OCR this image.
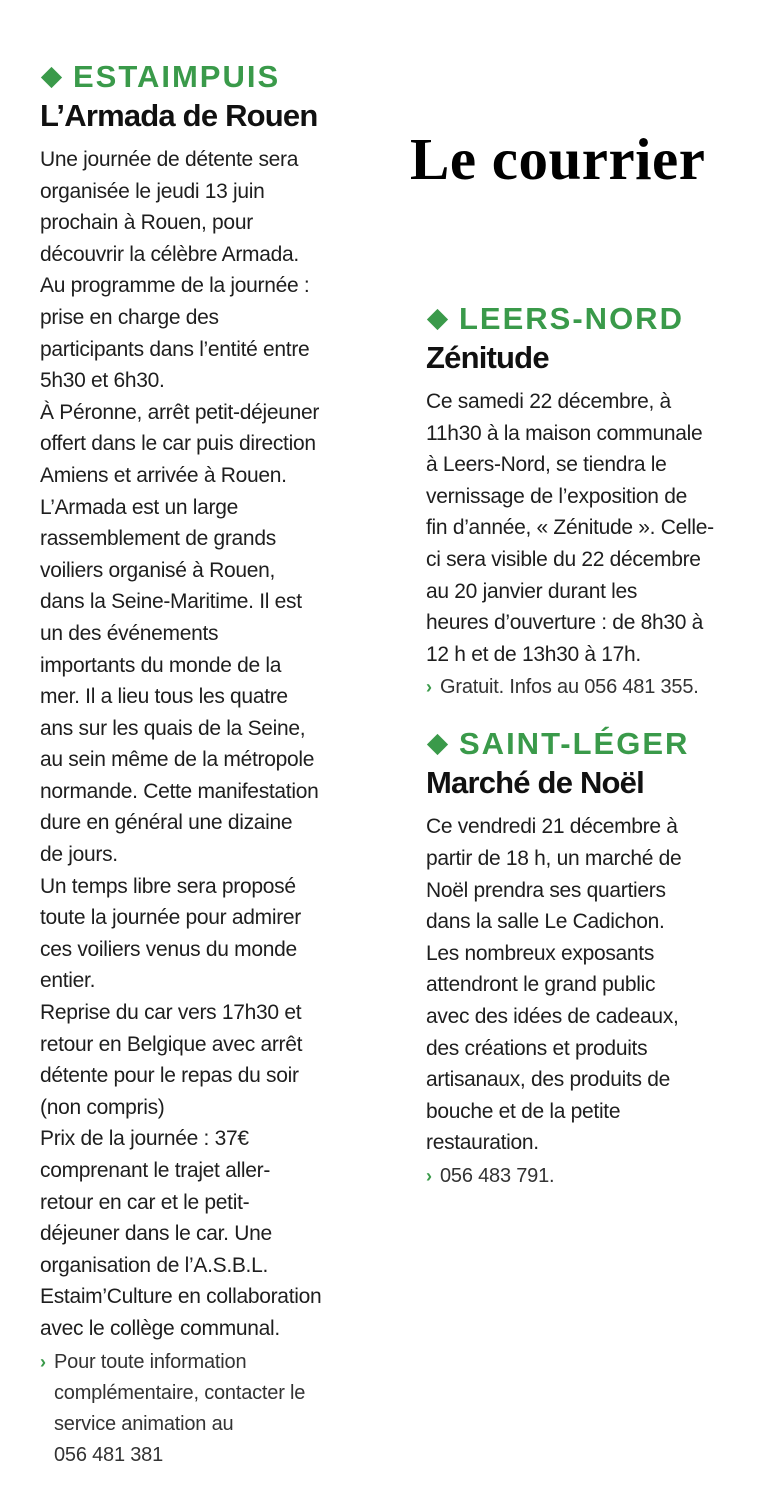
Le courrier
ESTAIMPUIS
L’Armada de Rouen

Une journée de détente sera
organisée le jeudi 13 juin
prochain à Rouen, pour
découvrir la célèbre Armada.
Au programme de la journée :
prise en charge des
participants dans l’entité entre
5h30 et 6h30.
À Péronne, arrêt petit-déjeuner
offert dans le car puis direction
Amiens et arrivée à Rouen.
L’Armada est un large
rassemblement de grands
voiliers organisé à Rouen,
dans la Seine-Maritime. Il est
un des événements
importants du monde de la
mer. Il a lieu tous les quatre
ans sur les quais de la Seine,
au sein même de la métropole
normande. Cette manifestation
dure en général une dizaine
de jours.
Un temps libre sera proposé
toute la journée pour admirer
ces voiliers venus du monde
entier.
Reprise du car vers 17h30 et
retour en Belgique avec arrêt
détente pour le repas du soir
(non compris)
Prix de la journée : 37€
comprenant le trajet aller-
retour en car et le petit-
déjeuner dans le car. Une
organisation de l’A.S.B.L.
Estaim’Culture en collaboration
avec le collège communal.

› Pour toute information
complémentaire, contacter le
service animation au
056 481 381
LEERS-NORD
Zénitude

Ce samedi 22 décembre, à
11h30 à la maison communale
à Leers-Nord, se tiendra le
vernissage de l’exposition de
fin d’année, « Zénitude ». Celle-
ci sera visible du 22 décembre
au 20 janvier durant les
heures d’ouverture : de 8h30 à
12 h et de 13h30 à 17h.

› Gratuit. Infos au 056 481 355.
SAINT-LÉGER
Marché de Noël

Ce vendredi 21 décembre à
partir de 18 h, un marché de
Noël prendra ses quartiers
dans la salle Le Cadichon.
Les nombreux exposants
attendront le grand public
avec des idées de cadeaux,
des créations et produits
artisanaux, des produits de
bouche et de la petite
restauration.

› 056 483 791.
